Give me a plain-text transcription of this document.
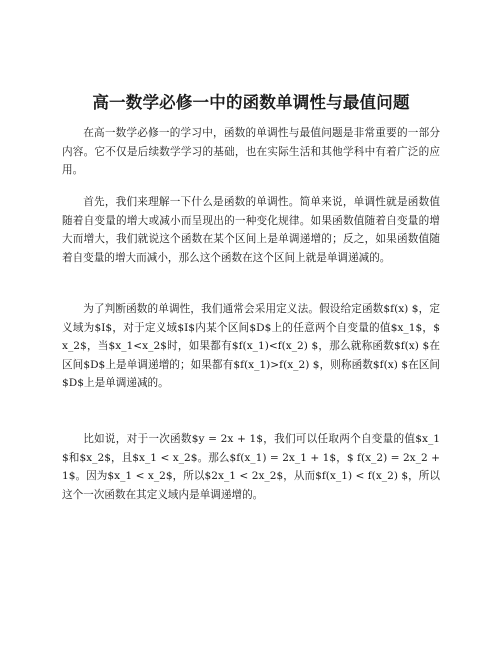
高一数学必修一中的函数单调性与最值问题

在高一数学必修一的学习中，函数的单调性与最值问题是非常重要的一部分内容。它不仅是后续数学学习的基础，也在实际生活和其他学科中有着广泛的应用。

首先，我们来理解一下什么是函数的单调性。简单来说，单调性就是函数值随着自变量的增大或减小而呈现出的一种变化规律。如果函数值随着自变量的增大而增大，我们就说这个函数在某个区间上是单调递增的；反之，如果函数值随着自变量的增大而减小，那么这个函数在这个区间上就是单调递减的。

为了判断函数的单调性，我们通常会采用定义法。假设给定函数$f(x) $，定义域为$I$，对于定义域$I$内某个区间$D$上的任意两个自变量的值$x_1$，$ x_2$，当$x_1<x_2$时，如果都有$f(x_1)<f(x_2) $，那么就称函数$f(x) $在区间$D$上是单调递增的；如果都有$f(x_1)>f(x_2) $，则称函数$f(x) $在区间$D$上是单调递减的。

比如说，对于一次函数$y = 2x + 1$，我们可以任取两个自变量的值$x_1$和$x_2$，且$x_1 < x_2$。那么$f(x_1) = 2x_1 + 1$，$ f(x_2) = 2x_2 + 1$。因为$x_1 < x_2$，所以$2x_1 < 2x_2$，从而$f(x_1) < f(x_2) $，所以这个一次函数在其定义域内是单调递增的。
